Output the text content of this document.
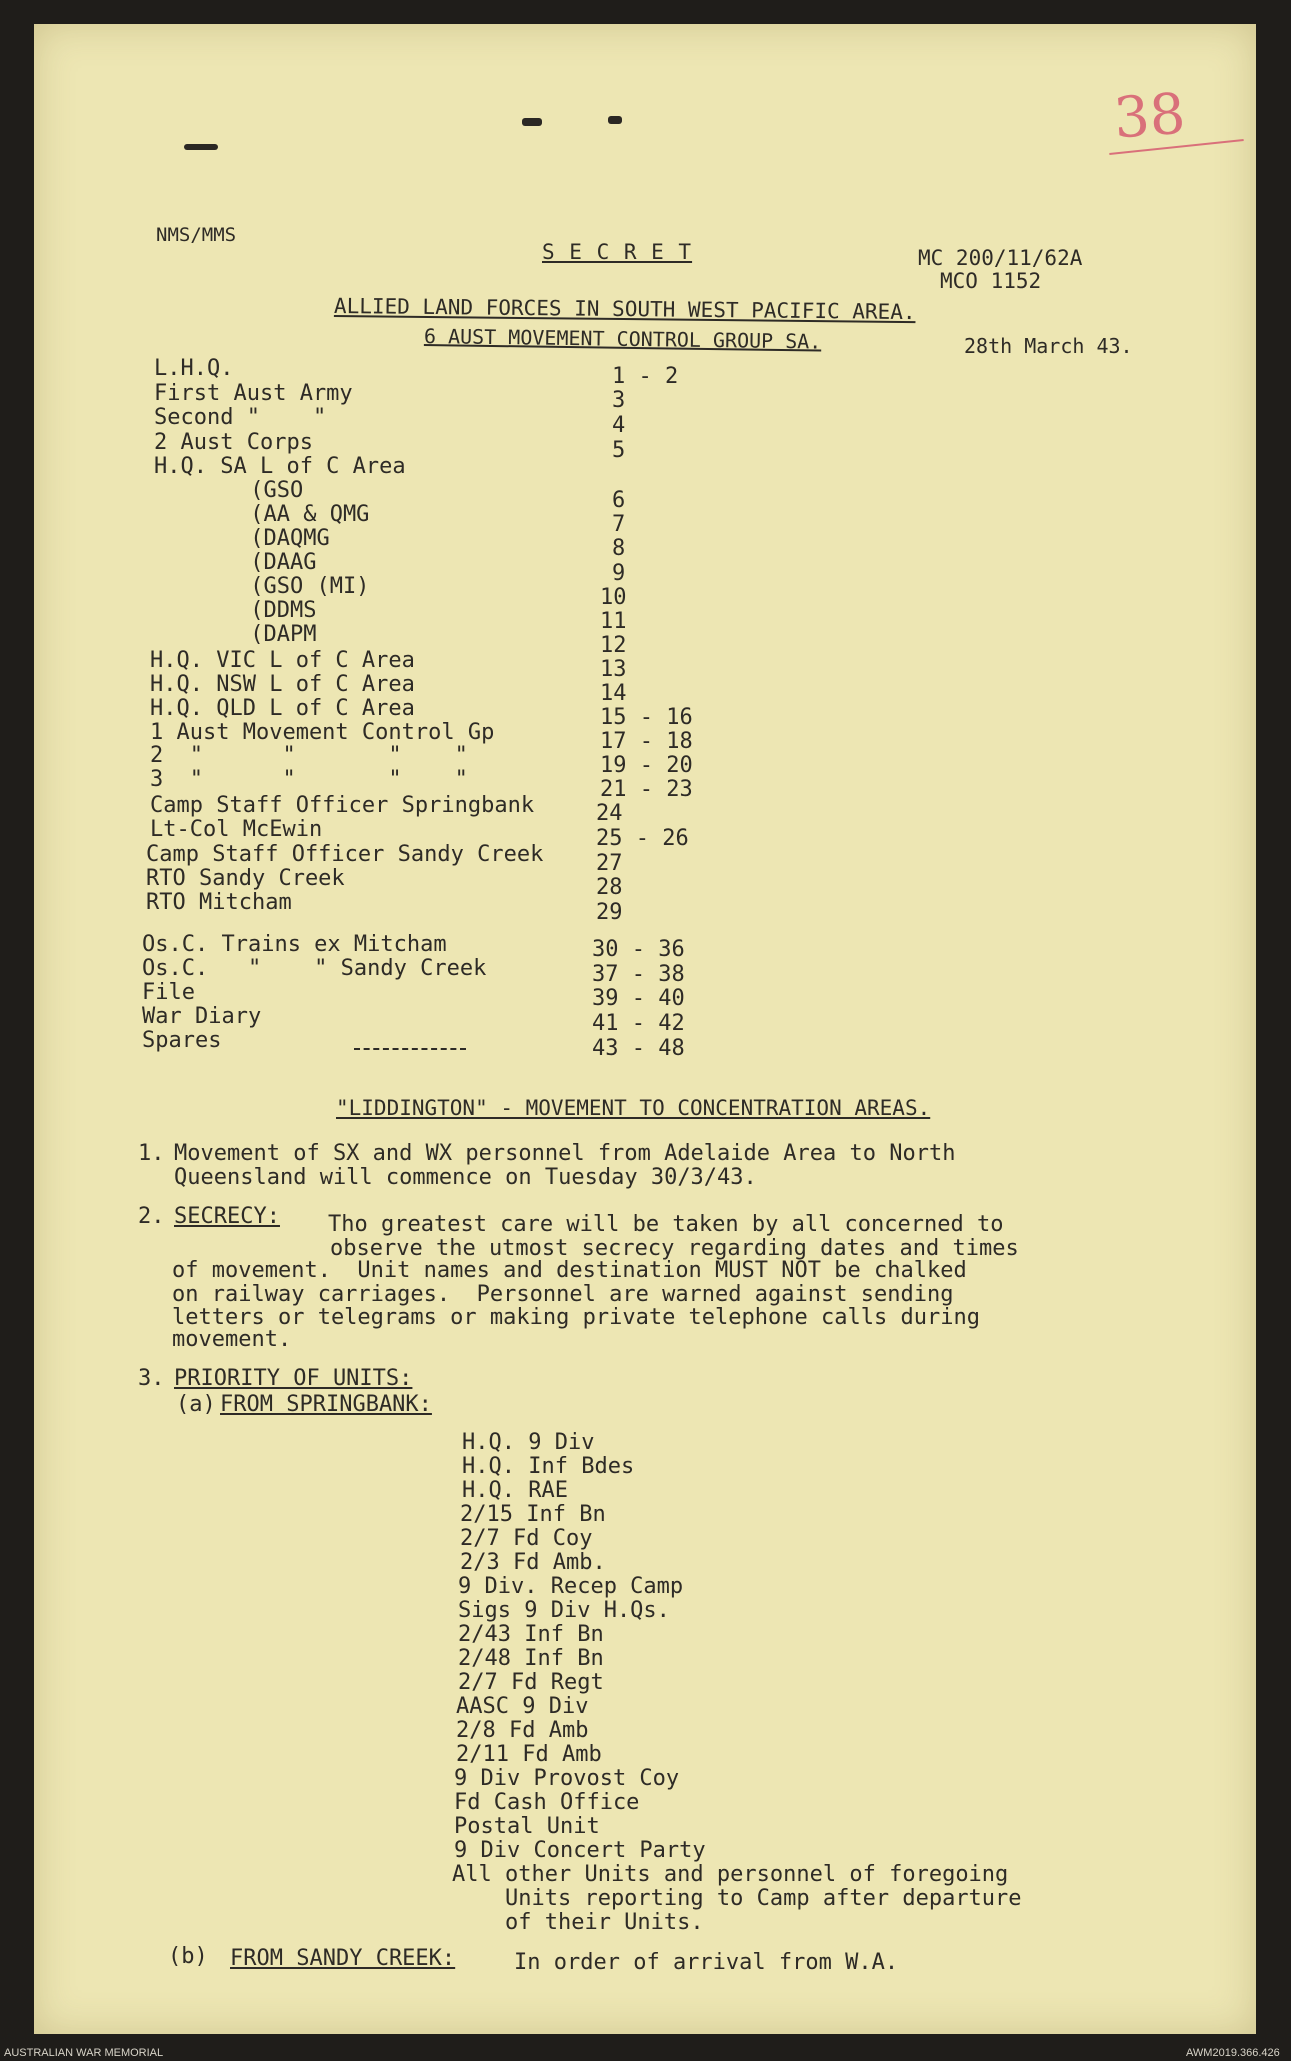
38
NMS/MMS
S E C R E T	MC 200/11/62A
MCO 1152
ALLIED LAND FORCES IN SOUTH WEST PACIFIC AREA.
6 AUST MOVEMENT CONTROL GROUP SA.	28th March 43.
L.H.Q.	1 - 2
First Aust Army	3
Second "    "	4
2 Aust Corps	5
H.Q. SA L of C Area
(GSO	6
(AA & QMG	7
(DAQMG	8
(DAAG	9
(GSO (MI)	10
(DDMS	11
(DAPM	12
H.Q. VIC L of C Area	13
H.Q. NSW L of C Area	14
H.Q. QLD L of C Area	15 - 16
1 Aust Movement Control Gp	17 - 18
2  "      "       "    "	19 - 20
3  "      "       "    "	21 - 23
Camp Staff Officer Springbank	24
Lt-Col McEwin	25 - 26
Camp Staff Officer Sandy Creek 27
RTO Sandy Creek	28
RTO Mitcham	29
Os.C. Trains ex Mitcham	30 - 36
Os.C.   "    " Sandy Creek	37 - 38
File	39 - 40
War Diary	41 - 42
Spares	43 - 48
"LIDDINGTON" - MOVEMENT TO CONCENTRATION AREAS.
1. Movement of SX and WX personnel from Adelaide Area to North
Queensland will commence on Tuesday 30/3/43.
2. SECRECY: Tho greatest care will be taken by all concerned to
observe the utmost secrecy regarding dates and times
of movement.  Unit names and destination MUST NOT be chalked
on railway carriages.  Personnel are warned against sending
letters or telegrams or making private telephone calls during
movement.
3. PRIORITY OF UNITS:
(a) FROM SPRINGBANK:
H.Q. 9 Div
H.Q. Inf Bdes
H.Q. RAE
2/15 Inf Bn
2/7 Fd Coy
2/3 Fd Amb.
9 Div. Recep Camp
Sigs 9 Div H.Qs.
2/43 Inf Bn
2/48 Inf Bn
2/7 Fd Regt
AASC 9 Div
2/8 Fd Amb
2/11 Fd Amb
9 Div Provost Coy
Fd Cash Office
Postal Unit
9 Div Concert Party
All other Units and personnel of foregoing
Units reporting to Camp after departure
of their Units.
(b) FROM SANDY CREEK:	In order of arrival from W.A.
AUSTRALIAN WAR MEMORIAL	AWM2019.366.426
